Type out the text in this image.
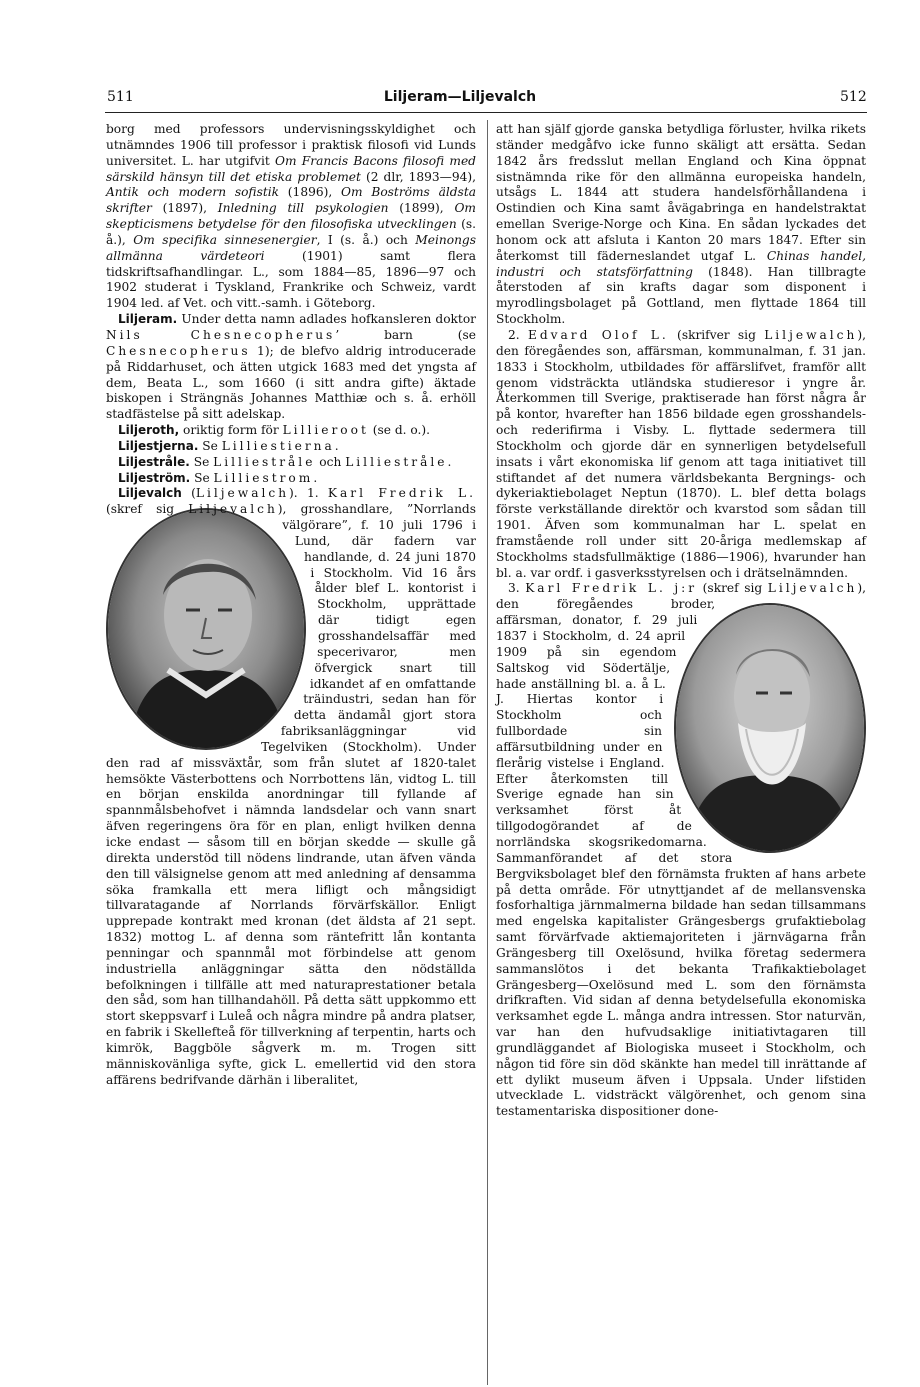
511	Liljeram—Liljevalch	512

borg med professors undervisningsskyldighet och utnämndes 1906 till professor i praktisk filosofi vid Lunds universitet. L. har utgifvit Om Francis Bacons filosofi med särskild hänsyn till det etiska problemet (2 dlr, 1893—94), Antik och modern sofistik (1896), Om Boströms äldsta skrifter (1897), Inledning till psykologien (1899), Om skepticismens betydelse för den filosofiska utvecklingen (s. å.), Om specifika sinnesenergier, I (s. å.) och Meinongs allmänna värdeteori (1901) samt flera tidskriftsafhandlingar. L., som 1884—85, 1896—97 och 1902 studerat i Tyskland, Frankrike och Schweiz, vardt 1904 led. af Vet. och vitt.-samh. i Göteborg.

Liljeram. Under detta namn adlades hofkansleren doktor Nils Chesnecopherus’ barn (se Chesnecopherus 1); de blefvo aldrig introducerade på Riddarhuset, och ätten utgick 1683 med det yngsta af dem, Beata L., som 1660 (i sitt andra gifte) äktade biskopen i Strängnäs Johannes Matthiæ och s. å. erhöll stadfästelse på sitt adelskap.

Liljeroth, oriktig form för Lillieroot (se d. o.).

Liljestjerna. Se Lilliestierna.

Liljestråle. Se Lilliestråle och Lilliestråle.

Liljeström. Se Lilliestrom.

Liljevalch (Liljewalch). 1. Karl Fredrik L. (skref sig Liljevalch
), grosshandlare, ”Norrlands välgörare”, f. 10 juli 1796 i Lund, där fadern var handlande, d. 24 juni 1870 i Stockholm. Vid 16 års ålder blef L. kontorist i Stockholm, upprättade där tidigt egen grosshandelsaffär med specerivaror, men öfvergick snart till idkandet af en omfattande träindustri, sedan han för detta ändamål gjort stora fabriksanläggningar vid Tegelviken (Stockholm). Under den rad af missväxtår, som från slutet af 1820-talet hemsökte Västerbottens och Norrbottens län, vidtog L. till en början enskilda anordningar till fyllande af spannmålsbehofvet i nämnda landsdelar och vann snart äfven regeringens öra för en plan, enligt hvilken denna icke endast — såsom till en början skedde — skulle gå direkta understöd till nödens lindrande, utan äfven vända den till välsignelse genom att med anledning af densamma söka framkalla ett mera lifligt och mångsidigt tillvaratagande af Norrlands förvärfskällor. Enligt upprepade kontrakt med kronan (det äldsta af 21 sept. 1832) mottog L. af denna som räntefritt lån kontanta penningar och spannmål mot förbindelse att genom industriella anläggningar sätta den nödställda befolkningen i tillfälle att med naturaprestationer betala den såd, som han tillhandahöll. På detta sätt uppkommo ett stort skeppsvarf i Luleå och några mindre på andra platser, en fabrik i Skellefteå för tillverkning af terpentin, harts och kimrök, Baggböle sågverk m. m. Trogen sitt människovänliga syfte, gick L. emellertid vid den stora affärens bedrifvande därhän i liberalitet,

att han själf gjorde ganska betydliga förluster, hvilka rikets ständer medgåfvo icke funno skäligt att ersätta. Sedan 1842 års fredsslut mellan England och Kina öppnat sistnämnda rike för den allmänna europeiska handeln, utsågs L. 1844 att studera handelsförhållandena i Ostindien och Kina samt åvägabringa en handelstraktat emellan Sverige-Norge och Kina. En sådan lyckades det honom ock att afsluta i Kanton 20 mars 1847. Efter sin återkomst till fäderneslandet utgaf L. Chinas handel, industri och statsförfattning (1848). Han tillbragte återstoden af sin krafts dagar som disponent i myrodlingsbolaget på Gottland, men flyttade 1864 till Stockholm.

2. Edvard Olof L. (skrifver sig Liljewalch), den föregåendes son, affärsman, kommunalman, f. 31 jan. 1833 i Stockholm, utbildades för affärslifvet, framför allt genom vidsträckta utländska studieresor i yngre år. Återkommen till Sverige, praktiserade han först några år på kontor, hvarefter han 1856 bildade egen grosshandels- och rederifirma i Visby. L. flyttade sedermera till Stockholm och gjorde där en synnerligen betydelsefull insats i vårt ekonomiska lif genom att taga initiativet till stiftandet af det numera världsbekanta Bergnings- och dykeriaktiebolaget Neptun (1870). L. blef detta bolags förste verkställande direktör och kvarstod som sådan till 1901. Äfven som kommunalman har L. spelat en framstående roll under sitt 20-åriga medlemskap af Stockholms stadsfullmäktige (1886—1906), hvarunder han bl. a. var ordf. i gasverksstyrelsen och i drätselnämnden.

3. Karl Fredrik L. j:r (skref sig Liljevalch
), den föregåendes broder, affärsman, donator, f. 29 juli 1837 i Stockholm, d. 24 april 1909 på sin egendom Saltskog vid Södertälje, hade anställning bl. a. å L. J. Hiertas kontor i Stockholm och fullbordade sin affärsutbildning under en flerårig vistelse i England. Efter återkomsten till Sverige egnade han sin verksamhet först åt tillgodogörandet af de norrländska skogsrikedomarna. Sammanförandet af det stora Bergviksbolaget blef den förnämsta frukten af hans arbete på detta område. För utnyttjandet af de mellansvenska fosforhaltiga järnmalmerna bildade han sedan tillsammans med engelska kapitalister Grängesbergs grufaktiebolag samt förvärfvade aktiemajoriteten i järnvägarna från Grängesberg till Oxelösund, hvilka företag sedermera sammanslötos i det bekanta Trafikaktiebolaget Grängesberg—Oxelösund med L. som den förnämsta drifkraften. Vid sidan af denna betydelsefulla ekonomiska verksamhet egde L. många andra intressen. Stor naturvän, var han den hufvudsakligе initiativtagaren till grundläggandet af Biologiska museet i Stockholm, och någon tid före sin död skänkte han medel till inrättande af ett dylikt museum äfven i Uppsala. Under lifstiden utvecklade L. vidsträckt välgörenhet, och genom sina testamentariska dispositioner done-
